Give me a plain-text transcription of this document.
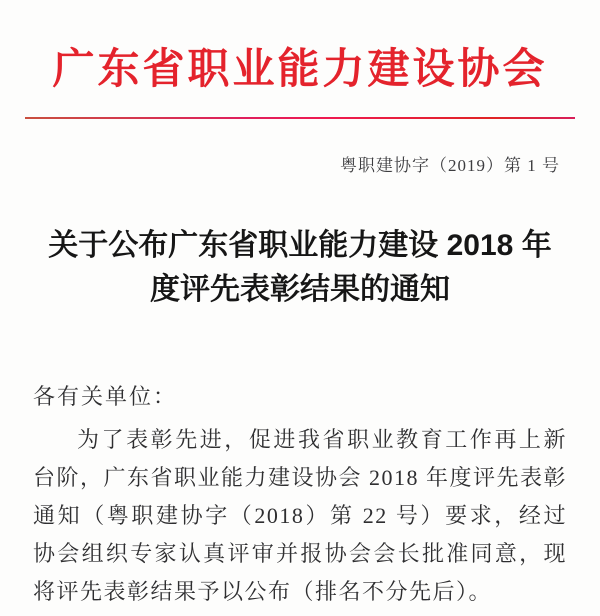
广东省职业能力建设协会

粤职建协字（2019）第 1 号

关于公布广东省职业能力建设 2018 年
度评先表彰结果的通知

各有关单位：

为了表彰先进，促进我省职业教育工作再上新台阶，广东省职业能力建设协会 2018 年度评先表彰通知（粤职建协字（2018）第 22 号）要求，经过协会组织专家认真评审并报协会会长批准同意，现将评先表彰结果予以公布（排名不分先后）。
